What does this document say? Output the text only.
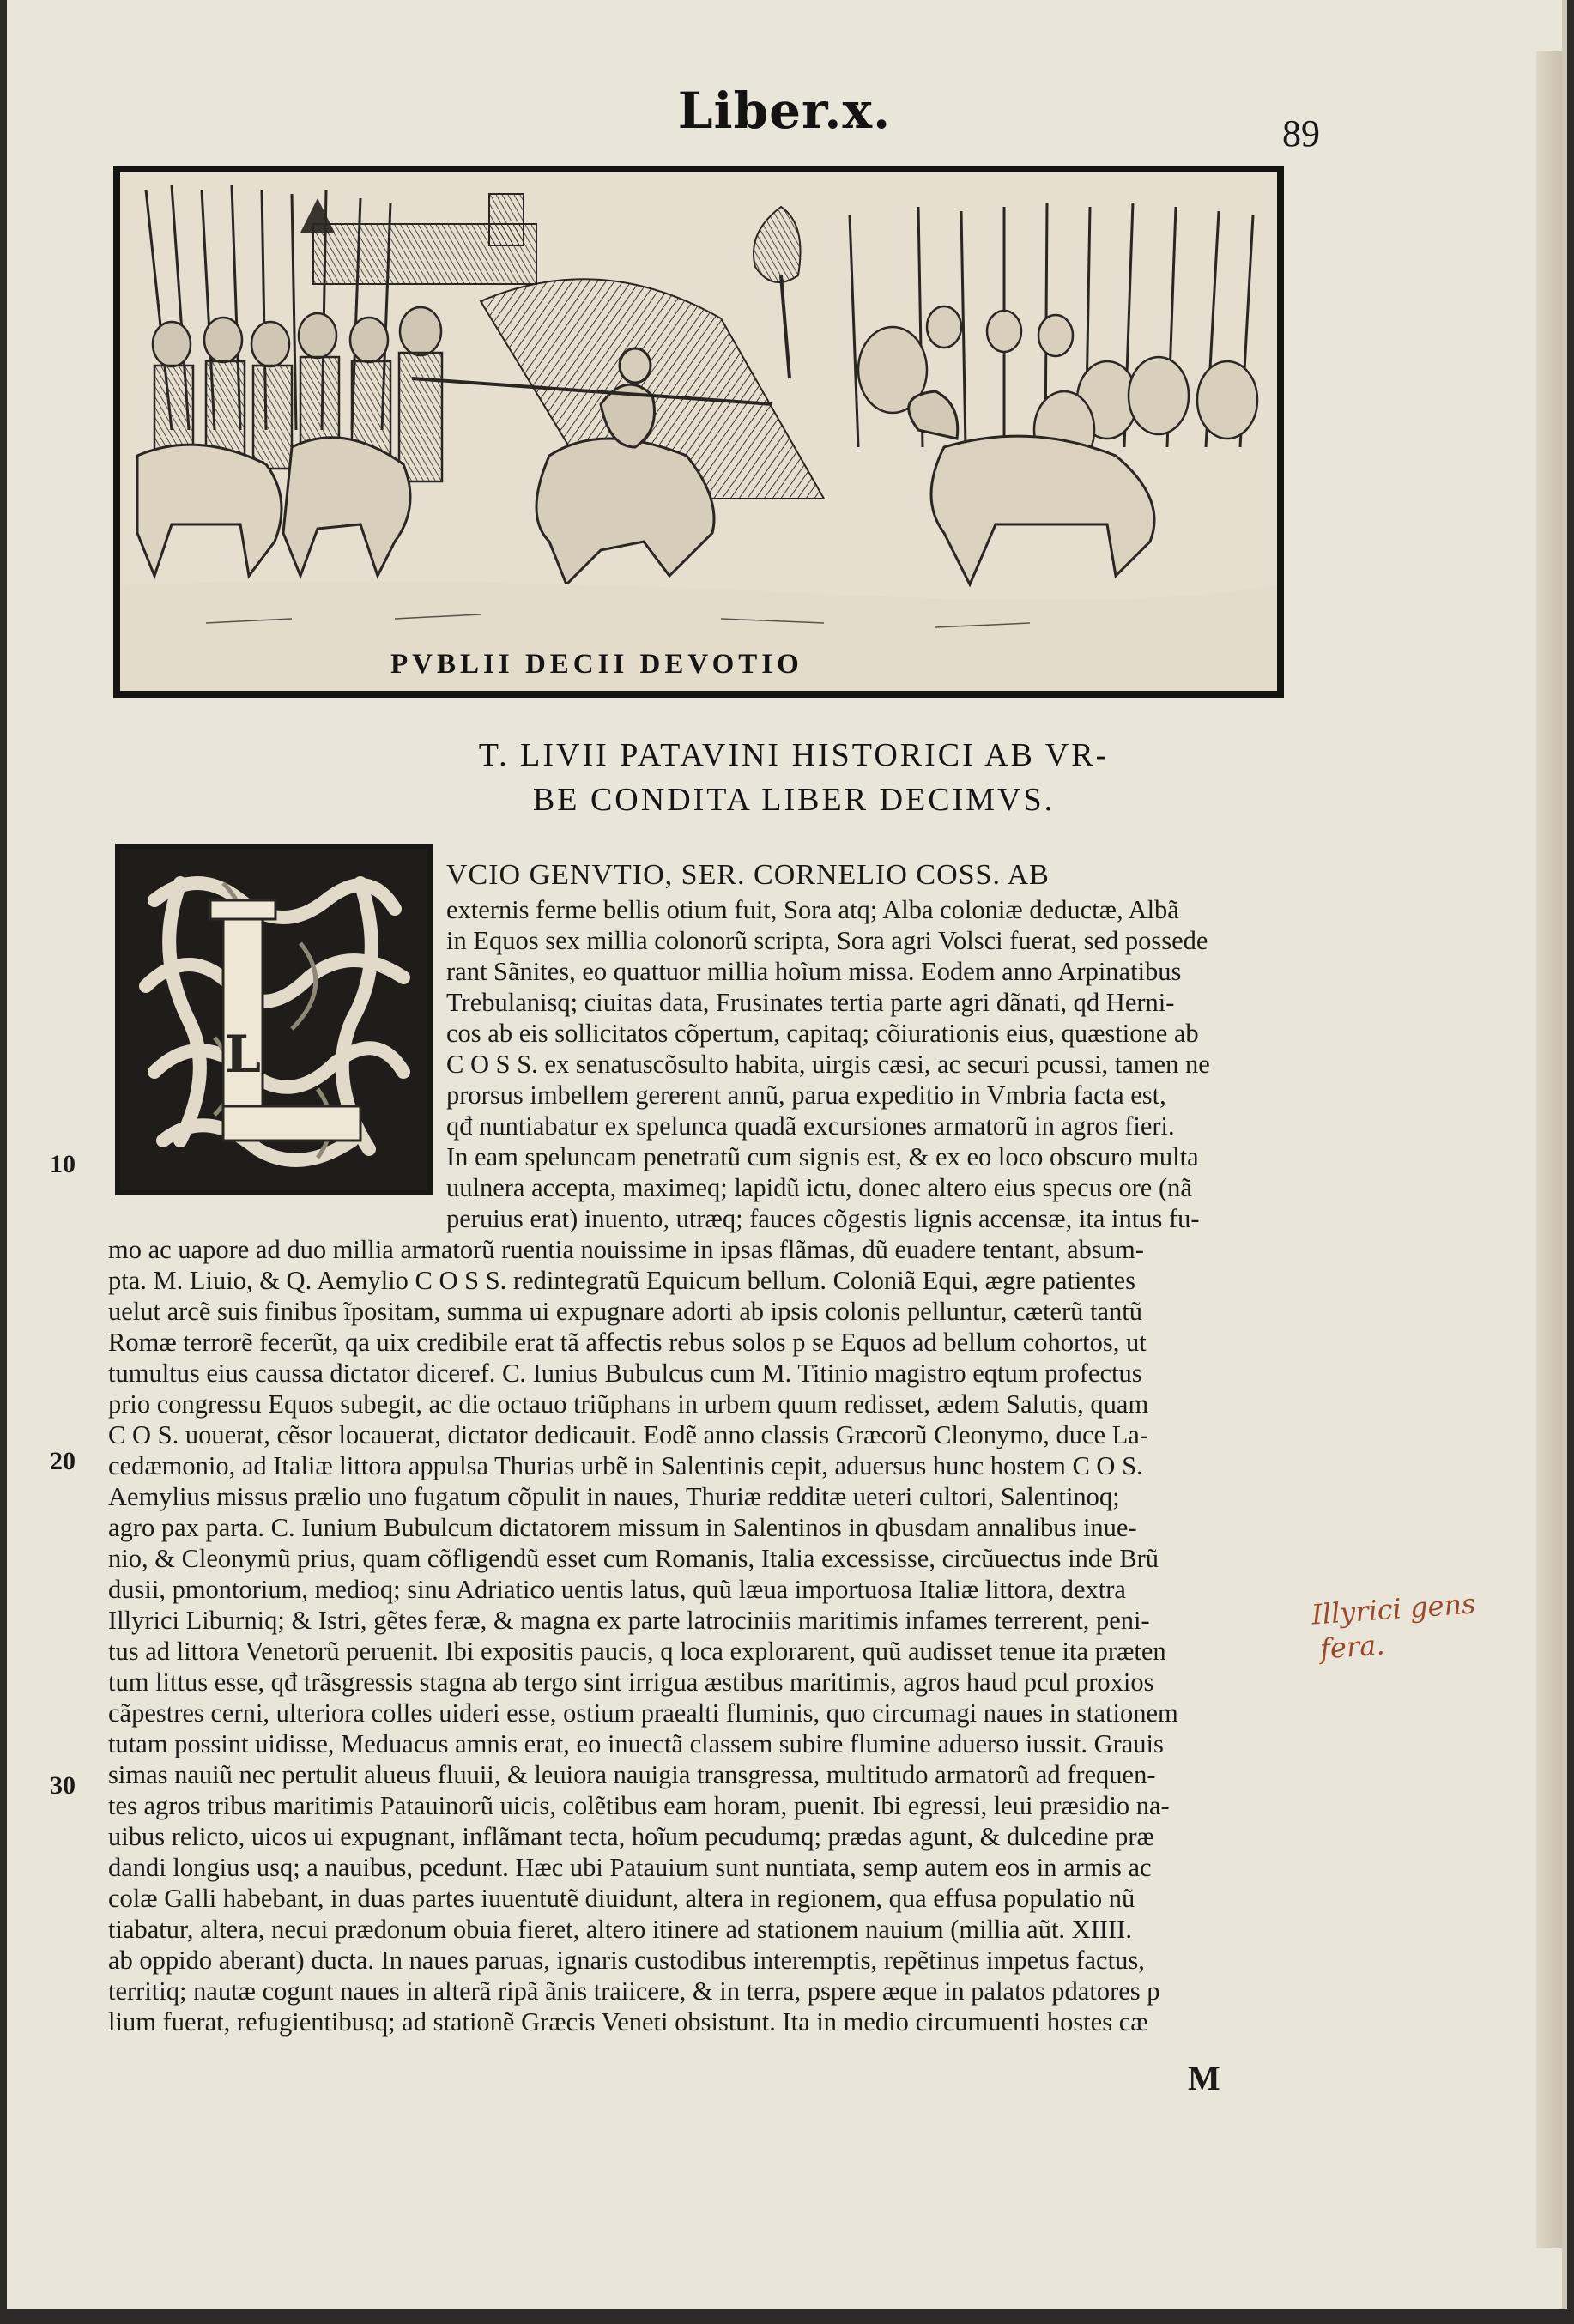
Liber.x.	89
PVBLII DECII DEVOTIO
T. LIVII PATAVINI HISTORICI AB VR-
BE CONDITA LIBER DECIMVS.
L
VCIO GENVTIO, SER. CORNELIO COSS. AB
externis ferme bellis otium fuit, Sora atq; Alba coloniæ deductæ, Albã
in Equos sex millia colonorũ scripta, Sora agri Volsci fuerat, sed possede
rant Sãnites, eo quattuor millia hoĩum missa. Eodem anno Arpinatibus
Trebulanisq; ciuitas data, Frusinates tertia parte agri dãnati, qđ Herni-
cos ab eis sollicitatos cõpertum, capitaq; cõiurationis eius, quæstione ab
C O S S. ex senatuscõsulto habita, uirgis cæsi, ac securi pcussi, tamen ne
prorsus imbellem gererent annũ, parua expeditio in Vmbria facta est,
qđ nuntiabatur ex spelunca quadã excursiones armatorũ in agros fieri.
In eam speluncam penetratũ cum signis est, & ex eo loco obscuro multa
uulnera accepta, maximeq; lapidũ ictu, donec altero eius specus ore (nã
peruius erat) inuento, utræq; fauces cõgestis lignis accensæ, ita intus fu-
mo ac uapore ad duo millia armatorũ ruentia nouissime in ipsas flãmas, dũ euadere tentant, absum-
pta. M. Liuio, & Q. Aemylio C O S S. redintegratũ Equicum bellum. Coloniã Equi, ægre patientes
uelut arcẽ suis finibus ĩpositam, summa ui expugnare adorti ab ipsis colonis pelluntur, cæterũ tantũ
Romæ terrorẽ fecerũt, qa uix credibile erat tã affectis rebus solos p se Equos ad bellum cohortos, ut
tumultus eius caussa dictator diceref. C. Iunius Bubulcus cum M. Titinio magistro eqtum profectus
prio congressu Equos subegit, ac die octauo triũphans in urbem quum redisset, ædem Salutis, quam
C O S. uouerat, cẽsor locauerat, dictator dedicauit. Eodẽ anno classis Græcorũ Cleonymo, duce La-
cedæmonio, ad Italiæ littora appulsa Thurias urbẽ in Salentinis cepit, aduersus hunc hostem C O S.
Aemylius missus prælio uno fugatum cõpulit in naues, Thuriæ redditæ ueteri cultori, Salentinoq;
agro pax parta. C. Iunium Bubulcum dictatorem missum in Salentinos in qbusdam annalibus inue-
nio, & Cleonymũ prius, quam cõfligendũ esset cum Romanis, Italia excessisse, circũuectus inde Brũ
dusii, pmontorium, medioq; sinu Adriatico uentis latus, quũ læua importuosa Italiæ littora, dextra
Illyrici Liburniq; & Istri, gẽtes feræ, & magna ex parte latrociniis maritimis infames terrerent, peni-
tus ad littora Venetorũ peruenit. Ibi expositis paucis, q loca explorarent, quũ audisset tenue ita præten
tum littus esse, qđ trãsgressis stagna ab tergo sint irrigua æstibus maritimis, agros haud pcul proxios
cãpestres cerni, ulteriora colles uideri esse, ostium praealti fluminis, quo circumagi naues in stationem
tutam possint uidisse, Meduacus amnis erat, eo inuectã classem subire flumine aduerso iussit. Grauis
simas nauiũ nec pertulit alueus fluuii, & leuiora nauigia transgressa, multitudo armatorũ ad frequen-
tes agros tribus maritimis Patauinorũ uicis, colẽtibus eam horam, puenit. Ibi egressi, leui præsidio na-
uibus relicto, uicos ui expugnant, inflãmant tecta, hoĩum pecudumq; prædas agunt, & dulcedine præ
dandi longius usq; a nauibus, pcedunt. Hæc ubi Patauium sunt nuntiata, semp autem eos in armis ac
colæ Galli habebant, in duas partes iuuentutẽ diuidunt, altera in regionem, qua effusa populatio nũ
tiabatur, altera, necui prædonum obuia fieret, altero itinere ad stationem nauium (millia aũt. XIIII.
ab oppido aberant) ducta. In naues paruas, ignaris custodibus interemptis, repẽtinus impetus factus,
territiq; nautæ cogunt naues in alterã ripã ãnis traiicere, & in terra, pspere æque in palatos pdatores p
lium fuerat, refugientibusq; ad stationẽ Græcis Veneti obsistunt. Ita in medio circumuenti hostes cæ
10
20
30
Illyrici gens
fera.
M
